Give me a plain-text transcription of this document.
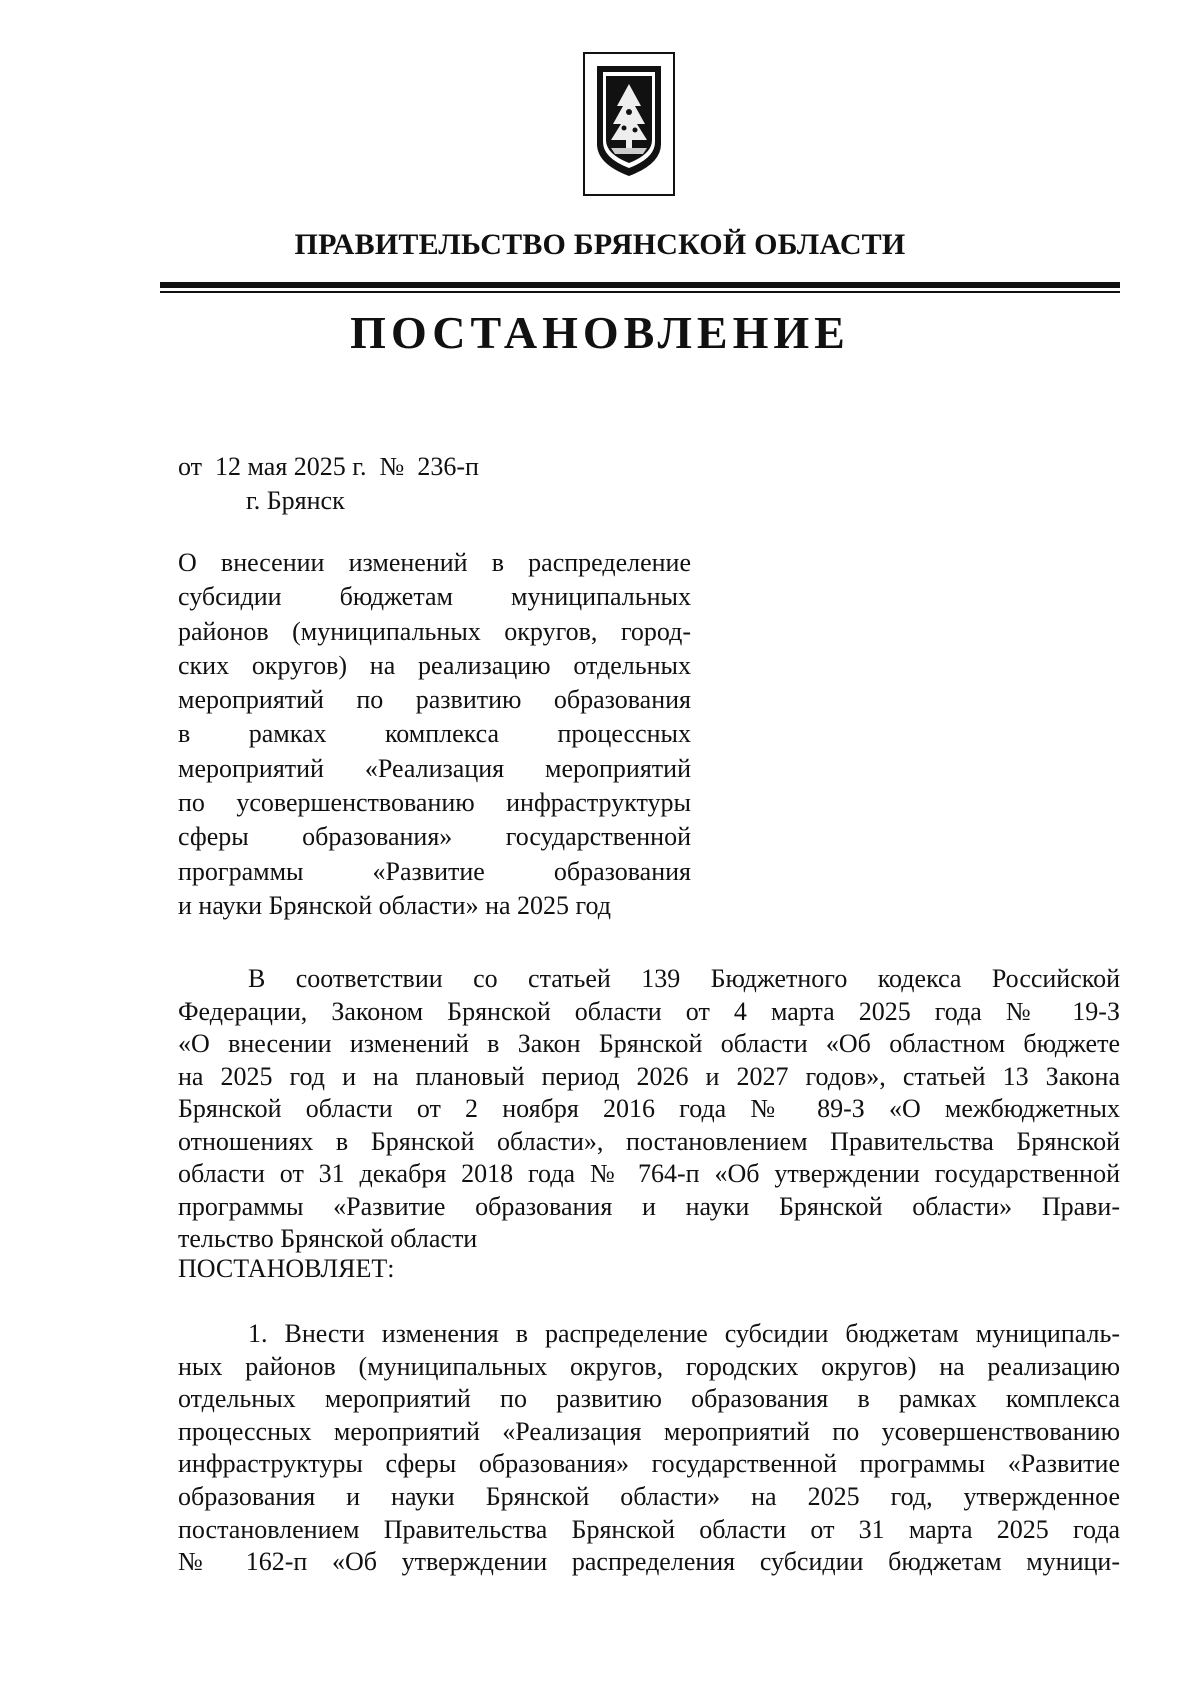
ПРАВИТЕЛЬСТВО БРЯНСКОЙ ОБЛАСТИ
ПОСТАНОВЛЕНИЕ
от  12 мая 2025 г.  №  236-п
г. Брянск
О внесении изменений в распределение
субсидии бюджетам муниципальных
районов (муниципальных округов, город-
ских округов) на реализацию отдельных
мероприятий по развитию образования
в рамках комплекса процессных
мероприятий «Реализация мероприятий
по усовершенствованию инфраструктуры
сферы образования» государственной
программы «Развитие образования
и науки Брянской области» на 2025 год
В соответствии со статьей 139 Бюджетного кодекса Российской
Федерации, Законом Брянской области от 4 марта 2025 года № 19-З
«О внесении изменений в Закон Брянской области «Об областном бюджете
на 2025 год и на плановый период 2026 и 2027 годов», статьей 13 Закона
Брянской области от 2 ноября 2016 года № 89-З «О межбюджетных
отношениях в Брянской области», постановлением Правительства Брянской
области от 31 декабря 2018 года № 764-п «Об утверждении государственной
программы «Развитие образования и науки Брянской области» Прави-
тельство Брянской области
ПОСТАНОВЛЯЕТ:
1. Внести изменения в распределение субсидии бюджетам муниципаль-
ных районов (муниципальных округов, городских округов) на реализацию
отдельных мероприятий по развитию образования в рамках комплекса
процессных мероприятий «Реализация мероприятий по усовершенствованию
инфраструктуры сферы образования» государственной программы «Развитие
образования и науки Брянской области» на 2025 год, утвержденное
постановлением Правительства Брянской области от 31 марта 2025 года
№ 162-п «Об утверждении распределения субсидии бюджетам муници-
